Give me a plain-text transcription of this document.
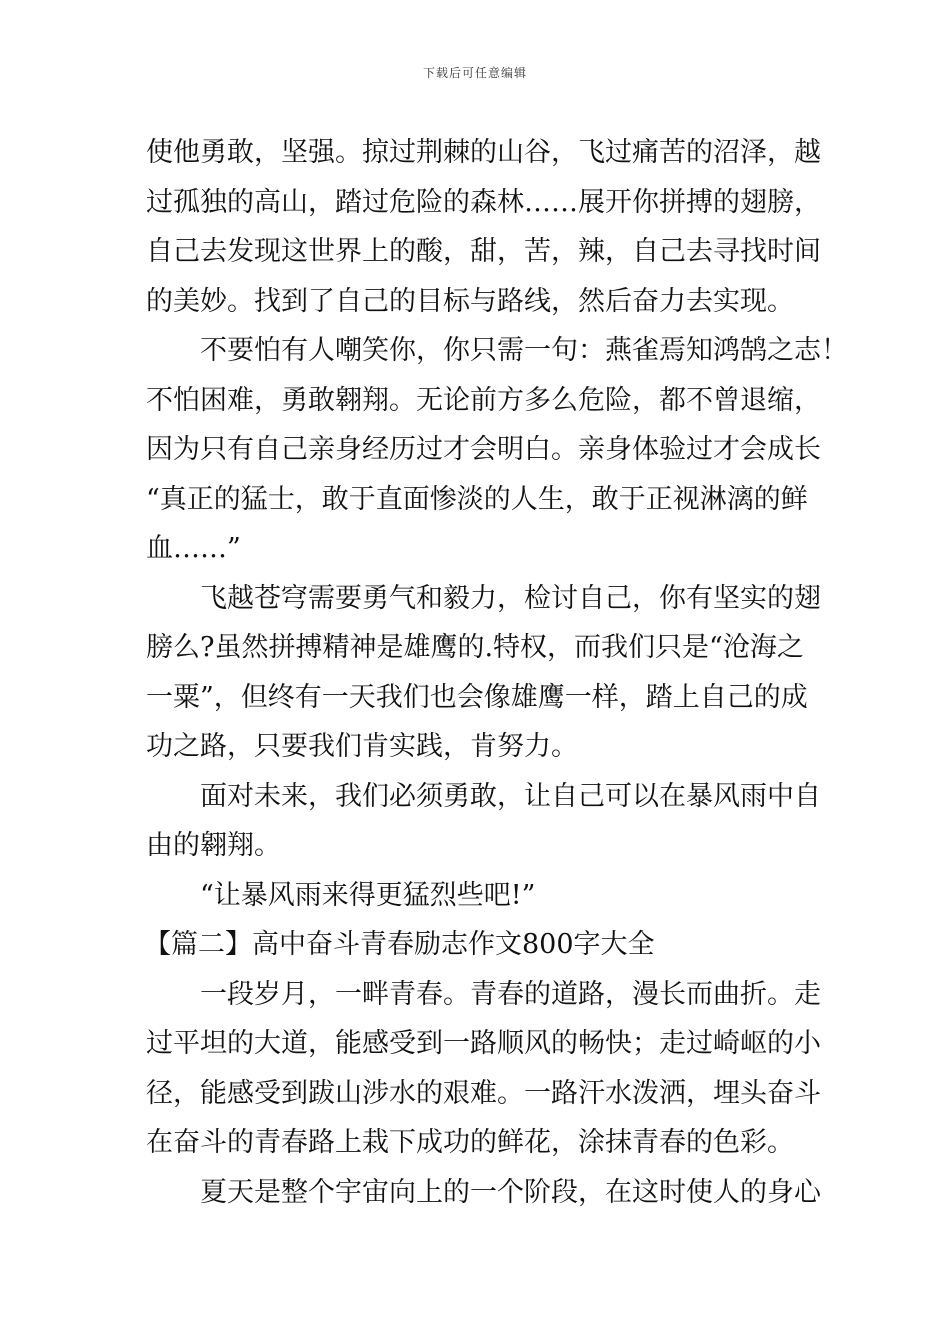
下载后可任意编辑
使他勇敢，坚强。掠过荆棘的山谷，飞过痛苦的沼泽，越
过孤独的高山，踏过危险的森林……展开你拼搏的翅膀，
自己去发现这世界上的酸，甜，苦，辣，自己去寻找时间
的美妙。找到了自己的目标与路线，然后奋力去实现。
不要怕有人嘲笑你，你只需一句：燕雀焉知鸿鹄之志！
不怕困难，勇敢翱翔。无论前方多么危险，都不曾退缩，
因为只有自己亲身经历过才会明白。亲身体验过才会成长
“真正的猛士，敢于直面惨淡的人生，敢于正视淋漓的鲜
血……”
飞越苍穹需要勇气和毅力，检讨自己，你有坚实的翅
膀么?虽然拼搏精神是雄鹰的.特权，而我们只是“沧海之
一粟”，但终有一天我们也会像雄鹰一样，踏上自己的成
功之路，只要我们肯实践，肯努力。
面对未来，我们必须勇敢，让自己可以在暴风雨中自
由的翱翔。
“让暴风雨来得更猛烈些吧!”
【篇二】高中奋斗青春励志作文800字大全
一段岁月，一畔青春。青春的道路，漫长而曲折。走
过平坦的大道，能感受到一路顺风的畅快；走过崎岖的小
径，能感受到跋山涉水的艰难。一路汗水泼洒，埋头奋斗
在奋斗的青春路上栽下成功的鲜花，涂抹青春的色彩。
夏天是整个宇宙向上的一个阶段，在这时使人的身心
